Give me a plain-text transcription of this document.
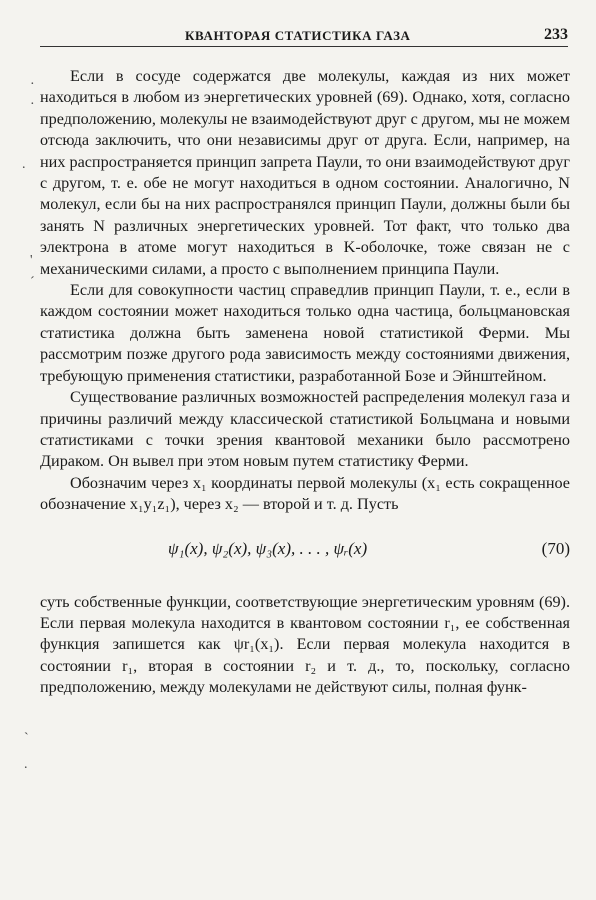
КВАНТОРАЯ СТАТИСТИКА ГАЗА	233
·
·
.
'
´
`
.

Если в сосуде содержатся две молекулы, каждая из них может находиться в любом из энергетических уровней (69). Однако, хотя, согласно предположению, молекулы не взаимодействуют друг с другом, мы не можем отсюда заключить, что они независимы друг от друга. Если, например, на них распространяется принцип запрета Паули, то они взаимодействуют друг с другом, т. е. обе не могут находиться в одном состоянии. Аналогично, N молекул, если бы на них распространялся принцип Паули, должны были бы занять N различных энергетических уровней. Тот факт, что только два электрона в атоме могут находиться в K-оболочке, тоже связан не с механическими силами, а просто с выполнением принципа Паули.

Если для совокупности частиц справедлив принцип Паули, т. е., если в каждом состоянии может находиться только одна частица, больцмановская статистика должна быть заменена новой статистикой Ферми. Мы рассмотрим позже другого рода зависимость между состояниями движения, требующую применения статистики, разработанной Бозе и Эйнштейном.

Существование различных возможностей распределения молекул газа и причины различий между классической статистикой Больцмана и новыми статистиками с точки зрения квантовой механики было рассмотрено Дираком. Он вывел при этом новым путем статистику Ферми.

Обозначим через x₁ координаты первой молекулы (x₁ есть сокращенное обозначение x₁y₁z₁), через x₂ — второй и т. д. Пусть

ψ₁(x), ψ₂(x), ψ₃(x), . . . , ψᵣ(x)	(70)

суть собственные функции, соответствующие энергетическим уровням (69). Если первая молекула находится в квантовом состоянии r₁, ее собственная функция запишется как ψr₁(x₁). Если первая молекула находится в состоянии r₁, вторая в состоянии r₂ и т. д., то, поскольку, согласно предположению, между молекулами не действуют силы, полная функ-
